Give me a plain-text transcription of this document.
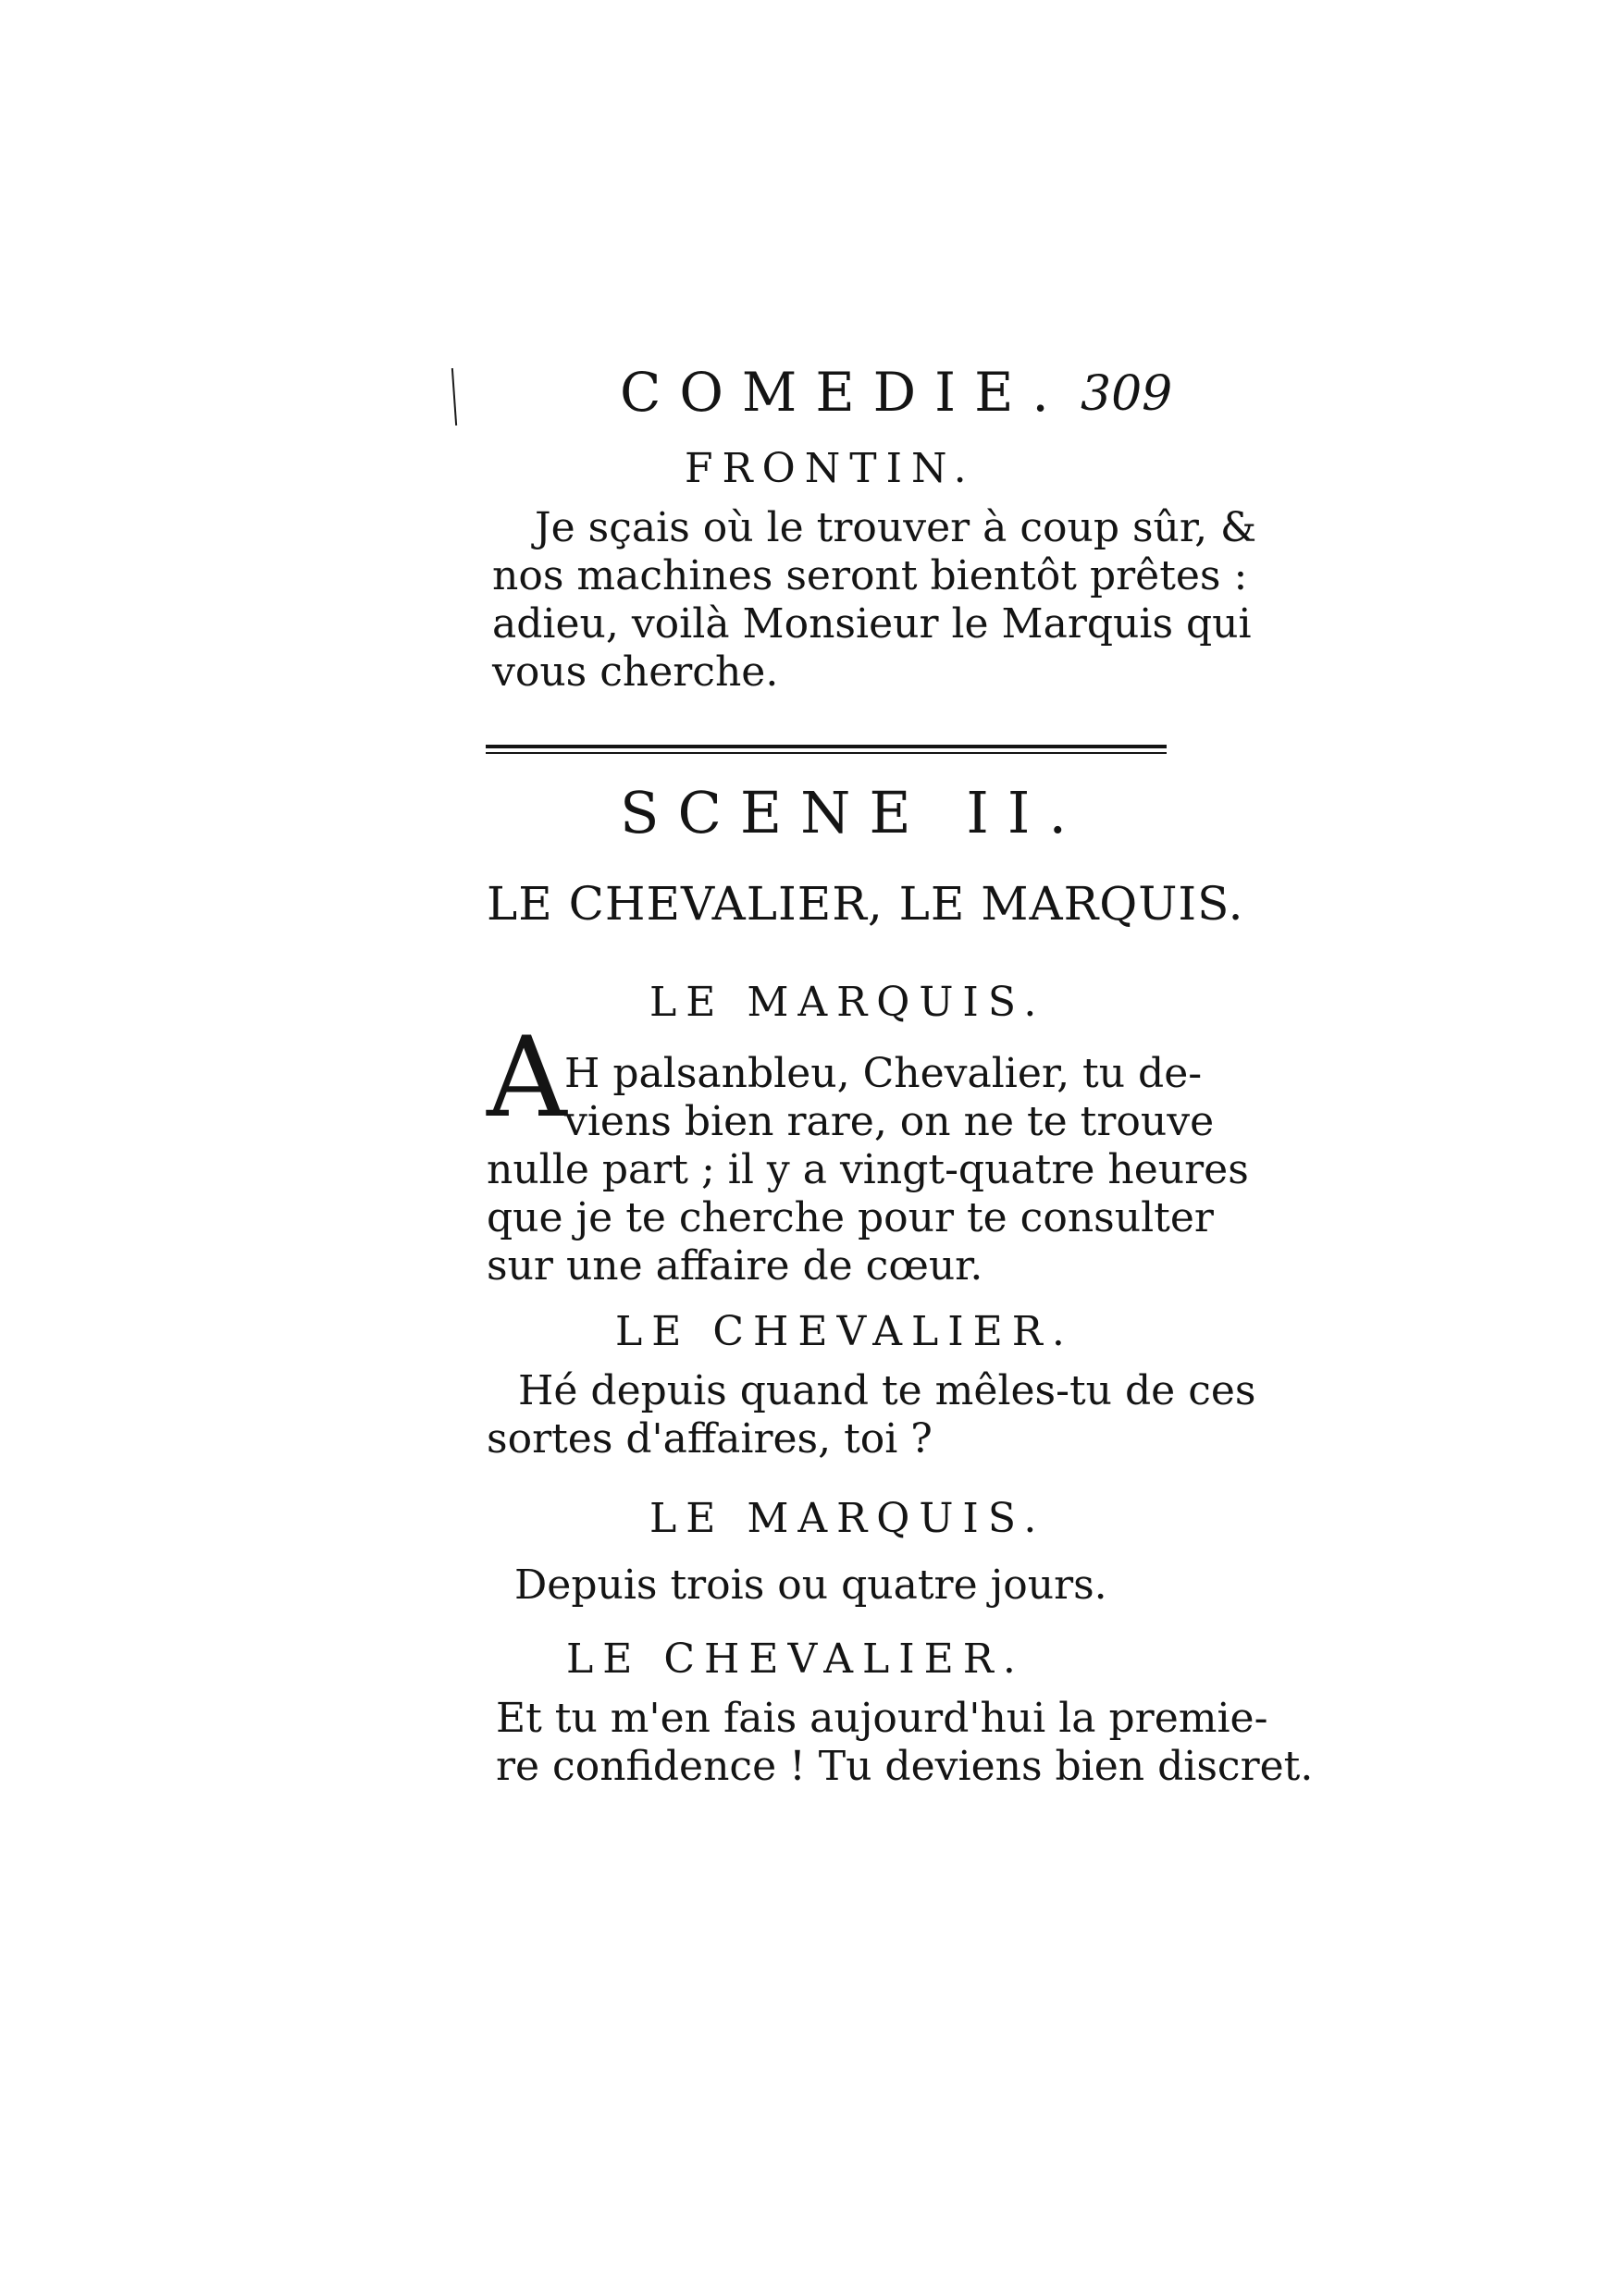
COMEDIE. 309
FRONTIN.
Je sçais où le trouver à coup sûr, &
nos machines seront bientôt prêtes :
adieu, voilà Monsieur le Marquis qui
vous cherche.
SCENE II.
LE CHEVALIER, LE MARQUIS.
LE MARQUIS.
A
H palsanbleu, Chevalier, tu de-
viens bien rare, on ne te trouve
nulle part ; il y a vingt-quatre heures
que je te cherche pour te consulter
sur une affaire de cœur.
LE CHEVALIER.
Hé depuis quand te mêles-tu de ces
sortes d'affaires, toi ?
LE MARQUIS.
Depuis trois ou quatre jours.
LE CHEVALIER.
Et tu m'en fais aujourd'hui la premie-
re confidence ! Tu deviens bien discret.
